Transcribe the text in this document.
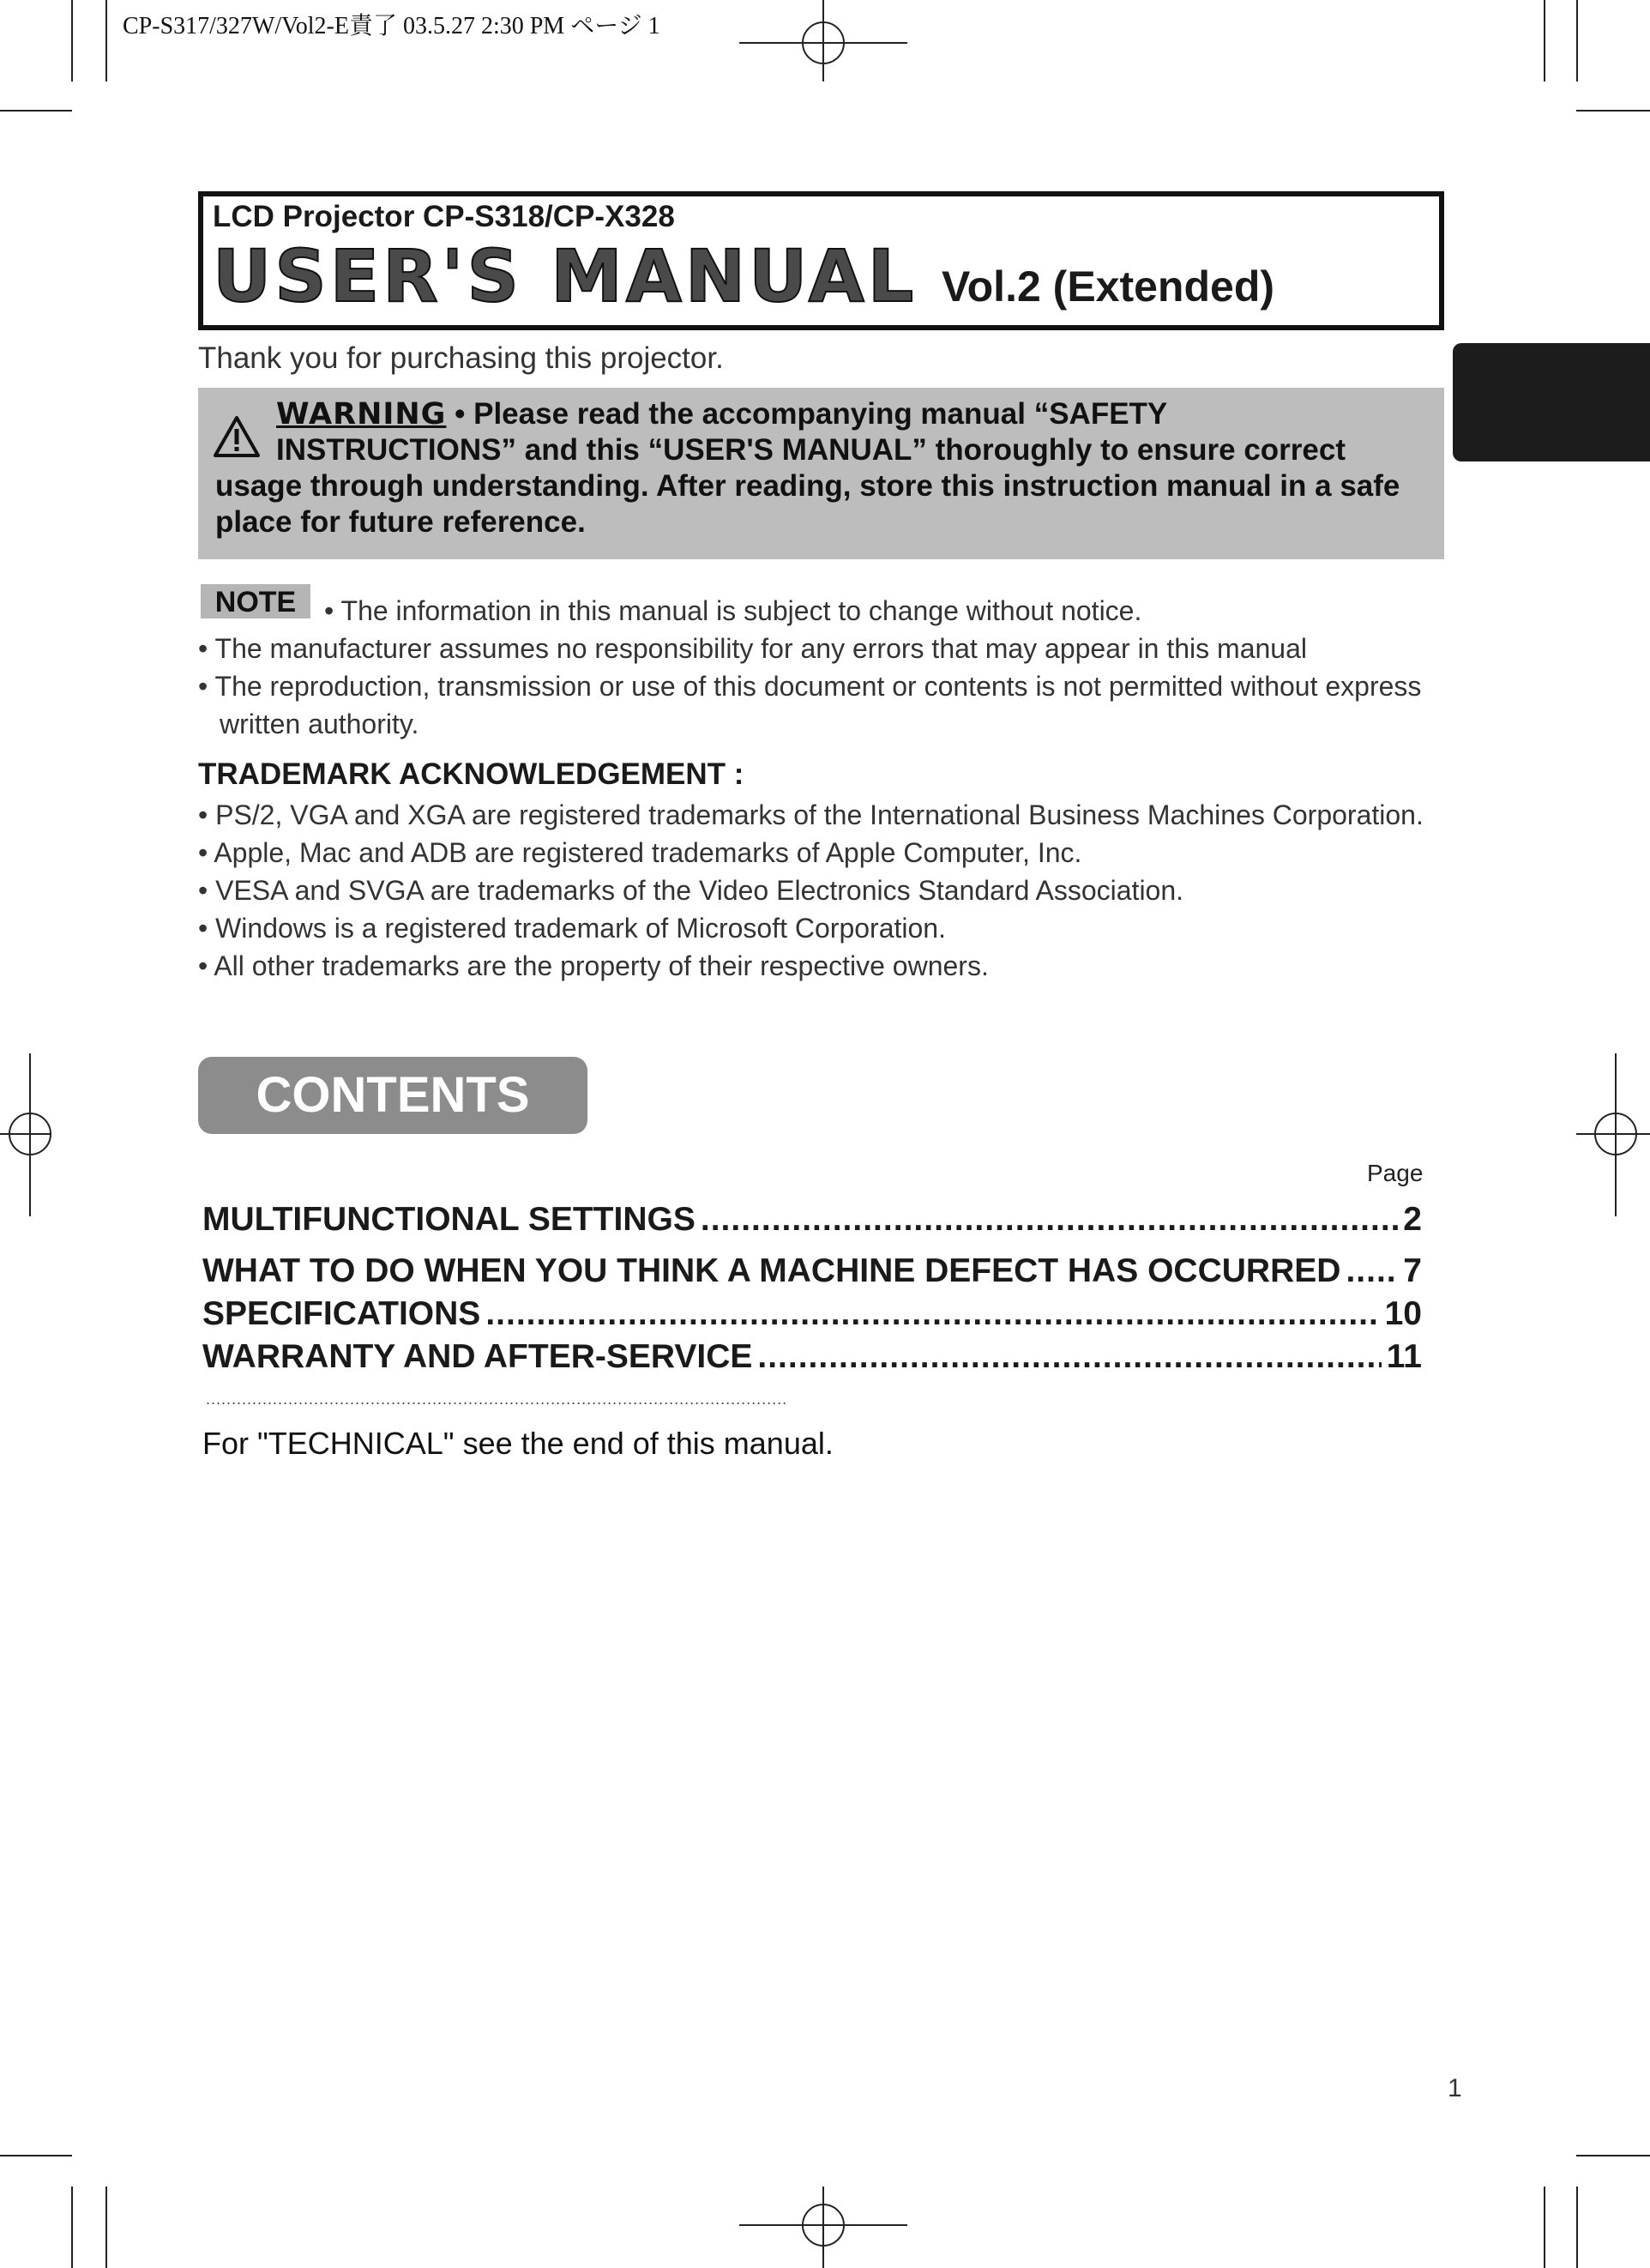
CP-S317/327W/Vol2-E責了 03.5.27 2:30 PM ページ 1
LCD Projector CP-S318/CP-X328
USER'S MANUAL Vol.2 (Extended)
Thank you for purchasing this projector.
WARNING • Please read the accompanying manual “SAFETY
INSTRUCTIONS” and this “USER'S MANUAL” thoroughly to ensure correct
usage through understanding. After reading, store this instruction manual in a safe place for future reference.
NOTE	• The information in this manual is subject to change without notice.
• The manufacturer assumes no responsibility for any errors that may appear in this manual
• The reproduction, transmission or use of this document or contents is not permitted without express
written authority.
TRADEMARK ACKNOWLEDGEMENT :
• PS/2, VGA and XGA are registered trademarks of the International Business Machines Corporation.
• Apple, Mac and ADB are registered trademarks of Apple Computer, Inc.
• VESA and SVGA are trademarks of the Video Electronics Standard Association.
• Windows is a registered trademark of Microsoft Corporation.
• All other trademarks are the property of their respective owners.
CONTENTS
Page
MULTIFUNCTIONAL SETTINGS .....	2
WHAT TO DO WHEN YOU THINK A MACHINE DEFECT HAS OCCURRED ..... 7
SPECIFICATIONS .....	10
WARRANTY AND AFTER-SERVICE .....	11
.....
For "TECHNICAL" see the end of this manual.
1
